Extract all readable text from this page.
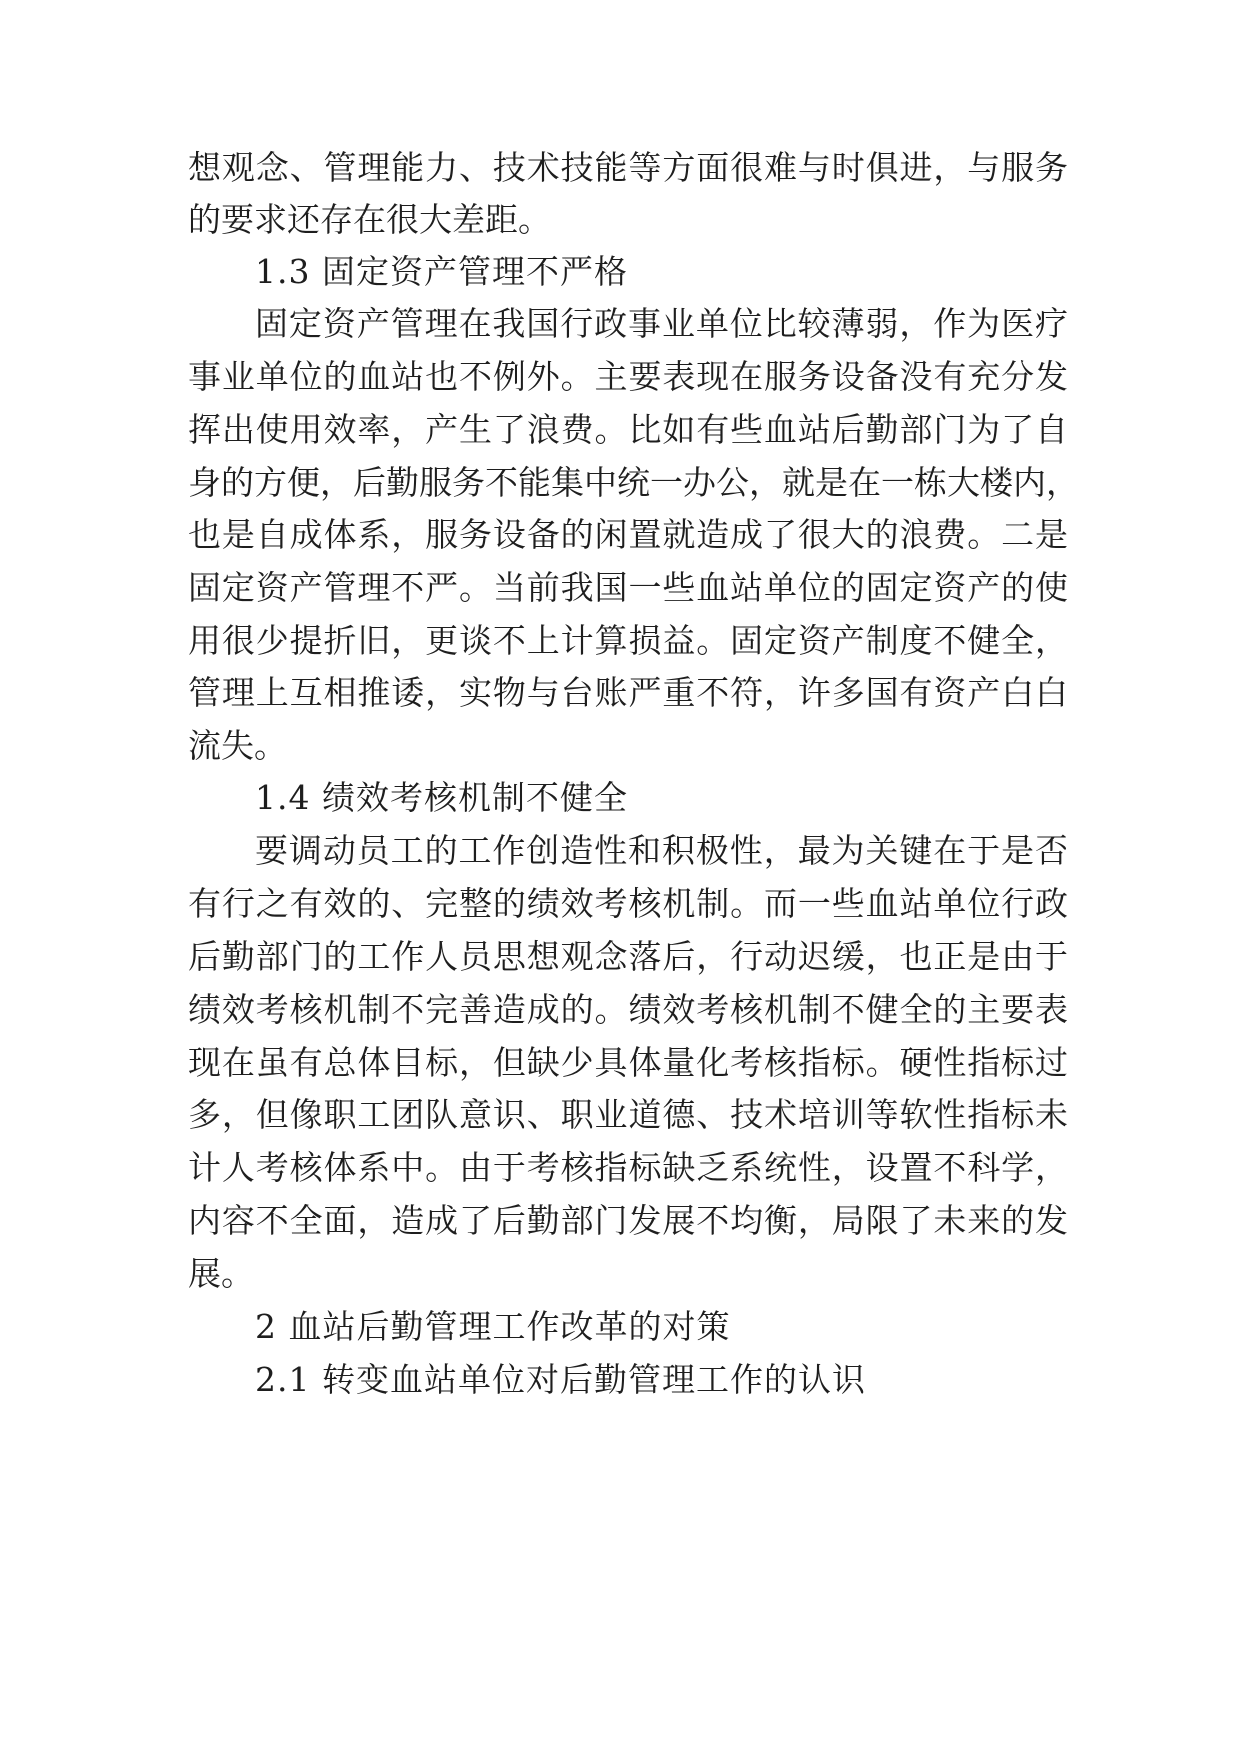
想观念、管理能力、技术技能等方面很难与时俱进，与服务
的要求还存在很大差距。
1.3 固定资产管理不严格
固定资产管理在我国行政事业单位比较薄弱，作为医疗
事业单位的血站也不例外。主要表现在服务设备没有充分发
挥出使用效率，产生了浪费。比如有些血站后勤部门为了自
身的方便，后勤服务不能集中统一办公，就是在一栋大楼内，
也是自成体系，服务设备的闲置就造成了很大的浪费。二是
固定资产管理不严。当前我国一些血站单位的固定资产的使
用很少提折旧，更谈不上计算损益。固定资产制度不健全，
管理上互相推诿，实物与台账严重不符，许多国有资产白白
流失。
1.4 绩效考核机制不健全
要调动员工的工作创造性和积极性，最为关键在于是否
有行之有效的、完整的绩效考核机制。而一些血站单位行政
后勤部门的工作人员思想观念落后，行动迟缓，也正是由于
绩效考核机制不完善造成的。绩效考核机制不健全的主要表
现在虽有总体目标，但缺少具体量化考核指标。硬性指标过
多，但像职工团队意识、职业道德、技术培训等软性指标未
计人考核体系中。由于考核指标缺乏系统性，设置不科学，
内容不全面，造成了后勤部门发展不均衡，局限了未来的发
展。
2 血站后勤管理工作改革的对策
2.1 转变血站单位对后勤管理工作的认识
